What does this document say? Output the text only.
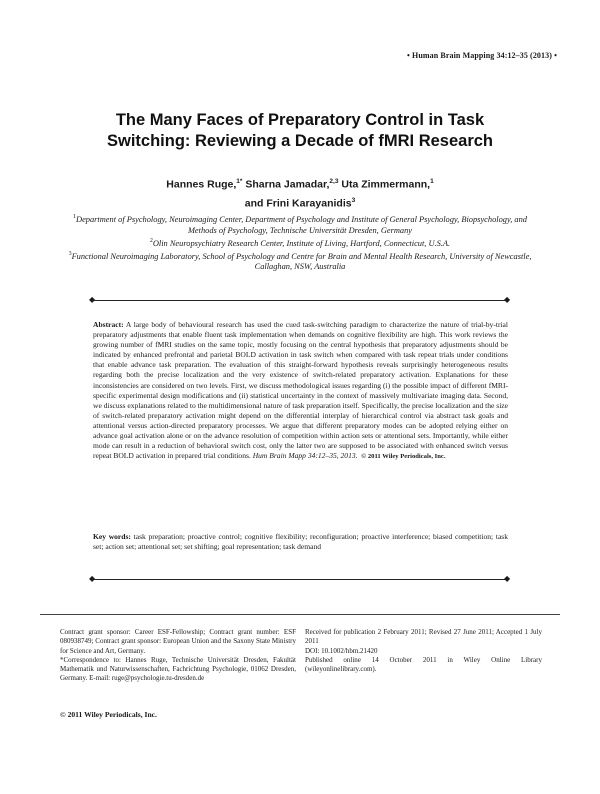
• Human Brain Mapping 34:12–35 (2013) •
The Many Faces of Preparatory Control in Task
Switching: Reviewing a Decade of fMRI Research
Hannes Ruge,$^{1*}$ Sharna Jamadar,$^{2,3}$ Uta Zimmermann,$^1$
and Frini Karayanidis$^3$
$^1$Department of Psychology, Neuroimaging Center, Department of Psychology and Institute of General Psychology, Biopsychology, and Methods of Psychology, Technische Universität Dresden, Germany
$^2$Olin Neuropsychiatry Research Center, Institute of Living, Hartford, Connecticut, U.S.A.
$^3$Functional Neuroimaging Laboratory, School of Psychology and Centre for Brain and Mental Health Research, University of Newcastle, Callaghan, NSW, Australia
◆	◆
Abstract: A large body of behavioural research has used the cued task-switching paradigm to characterize the nature of trial-by-trial preparatory adjustments that enable fluent task implementation when demands on cognitive flexibility are high. This work reviews the growing number of fMRI studies on the same topic, mostly focusing on the central hypothesis that preparatory adjustments should be indicated by enhanced prefrontal and parietal BOLD activation in task switch when compared with task repeat trials under conditions that enable advance task preparation. The evaluation of this straight-forward hypothesis reveals surprisingly heterogeneous results regarding both the precise localization and the very existence of switch-related preparatory activation. Explanations for these inconsistencies are considered on two levels. First, we discuss methodological issues regarding (i) the possible impact of different fMRI-specific experimental design modifications and (ii) statistical uncertainty in the context of massively multivariate imaging data. Second, we discuss explanations related to the multidimensional nature of task preparation itself. Specifically, the precise localization and the size of switch-related preparatory activation might depend on the differential interplay of hierarchical control via abstract task goals and attentional versus action-directed preparatory processes. We argue that different preparatory modes can be adopted relying either on advance goal activation alone or on the advance resolution of competition within action sets or attentional sets. Importantly, while either mode can result in a reduction of behavioral switch cost, only the latter two are supposed to be associated with enhanced switch versus repeat BOLD activation in prepared trial conditions. Hum Brain Mapp 34:12–35, 2013. © 2011 Wiley Periodicals, Inc.
Key words: task preparation; proactive control; cognitive flexibility; reconfiguration; proactive interference; biased competition; task set; action set; attentional set; set shifting; goal representation; task demand
◆	◆

Contract grant sponsor: Career ESF-Fellowship; Contract grant number: ESF 080938749; Contract grant sponsor: European Union and the Saxony State Ministry for Science and Art, Germany.

*Correspondence to: Hannes Ruge, Technische Universität Dresden, Fakultät Mathematik und Naturwissenschaften, Fachrichtung Psychologie, 01062 Dresden, Germany. E-mail: ruge@psychologie.tu-dresden.de

Received for publication 2 February 2011; Revised 27 June 2011; Accepted 1 July 2011

DOI: 10.1002/hbm.21420

Published online 14 October 2011 in Wiley Online Library (wileyonlinelibrary.com).

© 2011 Wiley Periodicals, Inc.
